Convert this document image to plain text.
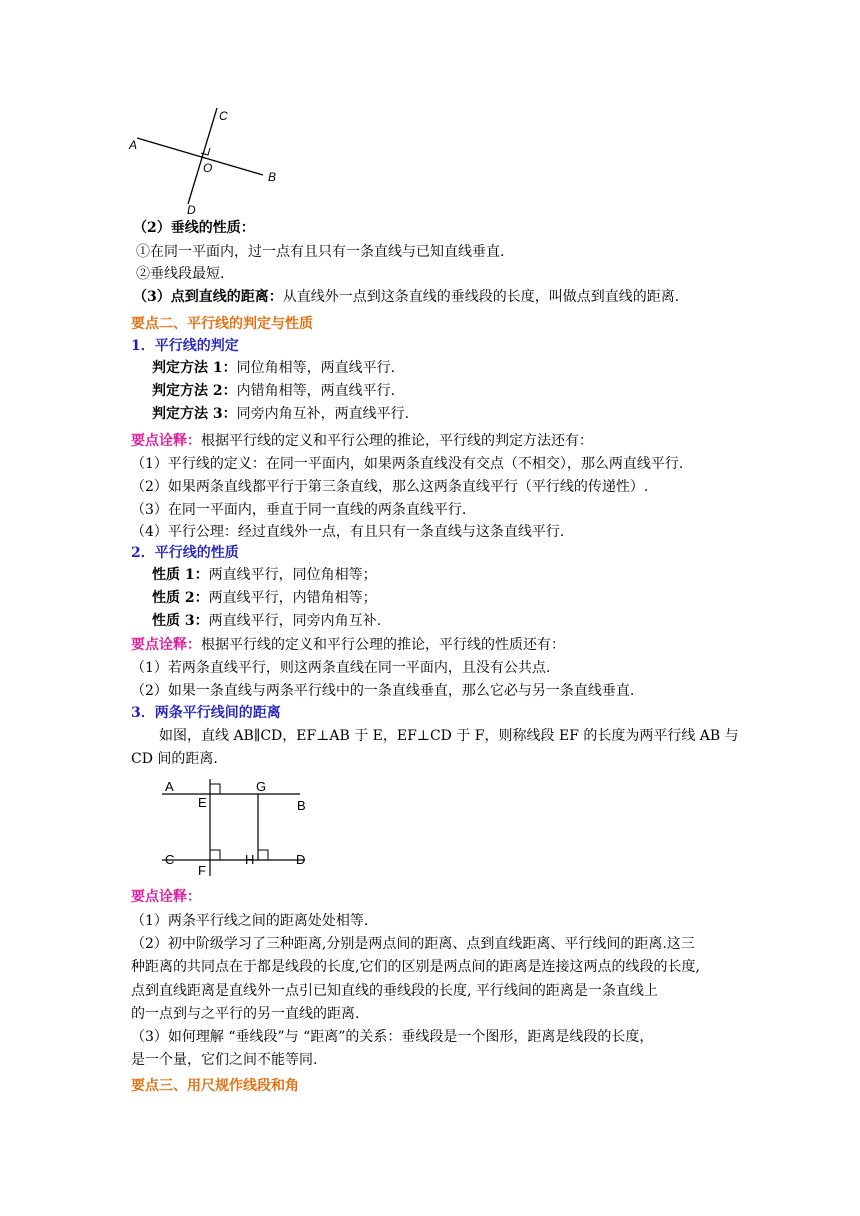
A
C
O
B
D
（2）垂线的性质：
①在同一平面内，过一点有且只有一条直线与已知直线垂直.
②垂线段最短.
（3）点到直线的距离：从直线外一点到这条直线的垂线段的长度，叫做点到直线的距离.
要点二、平行线的判定与性质
1．平行线的判定
判定方法 1：同位角相等，两直线平行.
判定方法 2：内错角相等，两直线平行.
判定方法 3：同旁内角互补，两直线平行.
要点诠释：根据平行线的定义和平行公理的推论，平行线的判定方法还有：
（1）平行线的定义：在同一平面内，如果两条直线没有交点（不相交），那么两直线平行.
（2）如果两条直线都平行于第三条直线，那么这两条直线平行（平行线的传递性）.
（3）在同一平面内，垂直于同一直线的两条直线平行.
（4）平行公理：经过直线外一点，有且只有一条直线与这条直线平行.
2．平行线的性质
性质 1：两直线平行，同位角相等；
性质 2：两直线平行，内错角相等；
性质 3：两直线平行，同旁内角互补.
要点诠释：根据平行线的定义和平行公理的推论，平行线的性质还有：
（1）若两条直线平行，则这两条直线在同一平面内，且没有公共点.
（2）如果一条直线与两条平行线中的一条直线垂直，那么它必与另一条直线垂直.
3．两条平行线间的距离
如图，直线 AB∥CD，EF⊥AB 于 E，EF⊥CD 于 F，则称线段 EF 的长度为两平行线 AB 与
CD 间的距离.
A
E
G
B
C
F
H	D
要点诠释：
（1）两条平行线之间的距离处处相等.
（2）初中阶级学习了三种距离,分别是两点间的距离、点到直线距离、平行线间的距离.这三
种距离的共同点在于都是线段的长度,它们的区别是两点间的距离是连接这两点的线段的长度,
点到直线距离是直线外一点引已知直线的垂线段的长度, 平行线间的距离是一条直线上
的一点到与之平行的另一直线的距离.
（3）如何理解 “垂线段”与 “距离”的关系：垂线段是一个图形，距离是线段的长度，
是一个量，它们之间不能等同.
要点三、用尺规作线段和角
